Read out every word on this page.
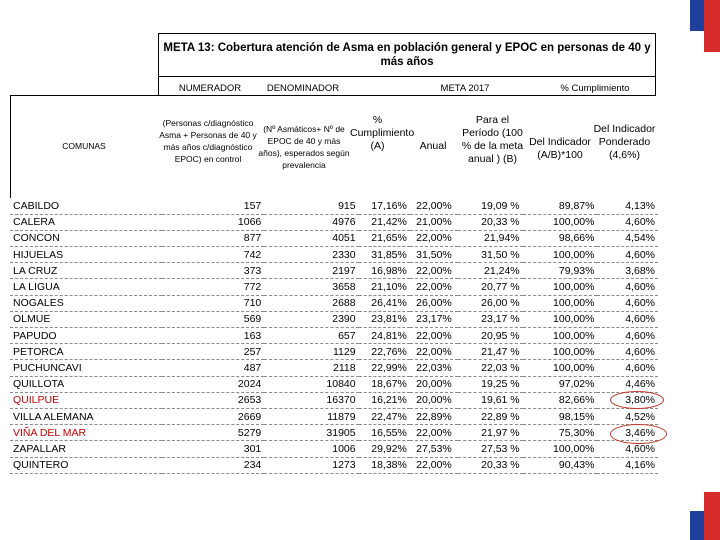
META 13: Cobertura atención de Asma en población general y EPOC en personas de 40 y más años
NUMERADOR	DENOMINADOR	META 2017	% Cumplimiento
COMUNAS
(Personas c/diagnóstico Asma + Personas de 40 y más años c/diagnóstico EPOC) en control
(Nº Asmáticos+ Nº de EPOC de 40 y más años), esperados según prevalencia
% Cumplimiento (A)	Anual
Para el Período (100 % de la meta anual ) (B)
Del Indicador (A/B)*100
Del Indicador Ponderado (4,6%)
CABILDO	157	915	17,16%	22,00%	19,09 %	89,87%	4,13%
CALERA	1066	4976	21,42%	21,00%	20,33 %	100,00%	4,60%
CONCON	877	4051	21,65%	22,00%	21,94%	98,66%	4,54%
HIJUELAS	742	2330	31,85%	31,50%	31,50 %	100,00%	4,60%
LA CRUZ	373	2197	16,98%	22,00%	21,24%	79,93%	3,68%
LA LIGUA	772	3658	21,10%	22,00%	20,77 %	100,00%	4,60%
NOGALES	710	2688	26,41%	26,00%	26,00 %	100,00%	4,60%
OLMUE	569	2390	23,81%	23,17%	23,17 %	100,00%	4,60%
PAPUDO	163	657	24,81%	22,00%	20,95 %	100,00%	4,60%
PETORCA	257	1129	22,76%	22,00%	21,47 %	100,00%	4,60%
PUCHUNCAVI	487	2118	22,99%	22,03%	22,03 %	100,00%	4,60%
QUILLOTA	2024	10840	18,67%	20,00%	19,25 %	97,02%	4,46%
QUILPUE	2653	16370	16,21%	20,00%	19,61 %	82,66%	3,80%
VILLA ALEMANA	2669	11879	22,47%	22,89%	22,89 %	98,15%	4,52%
VIÑA DEL MAR	5279	31905	16,55%	22,00%	21,97 %	75,30%	3,46%
ZAPALLAR	301	1006	29,92%	27,53%	27,53 %	100,00%	4,60%
QUINTERO	234	1273	18,38%	22,00%	20,33 %	90,43%	4,16%
